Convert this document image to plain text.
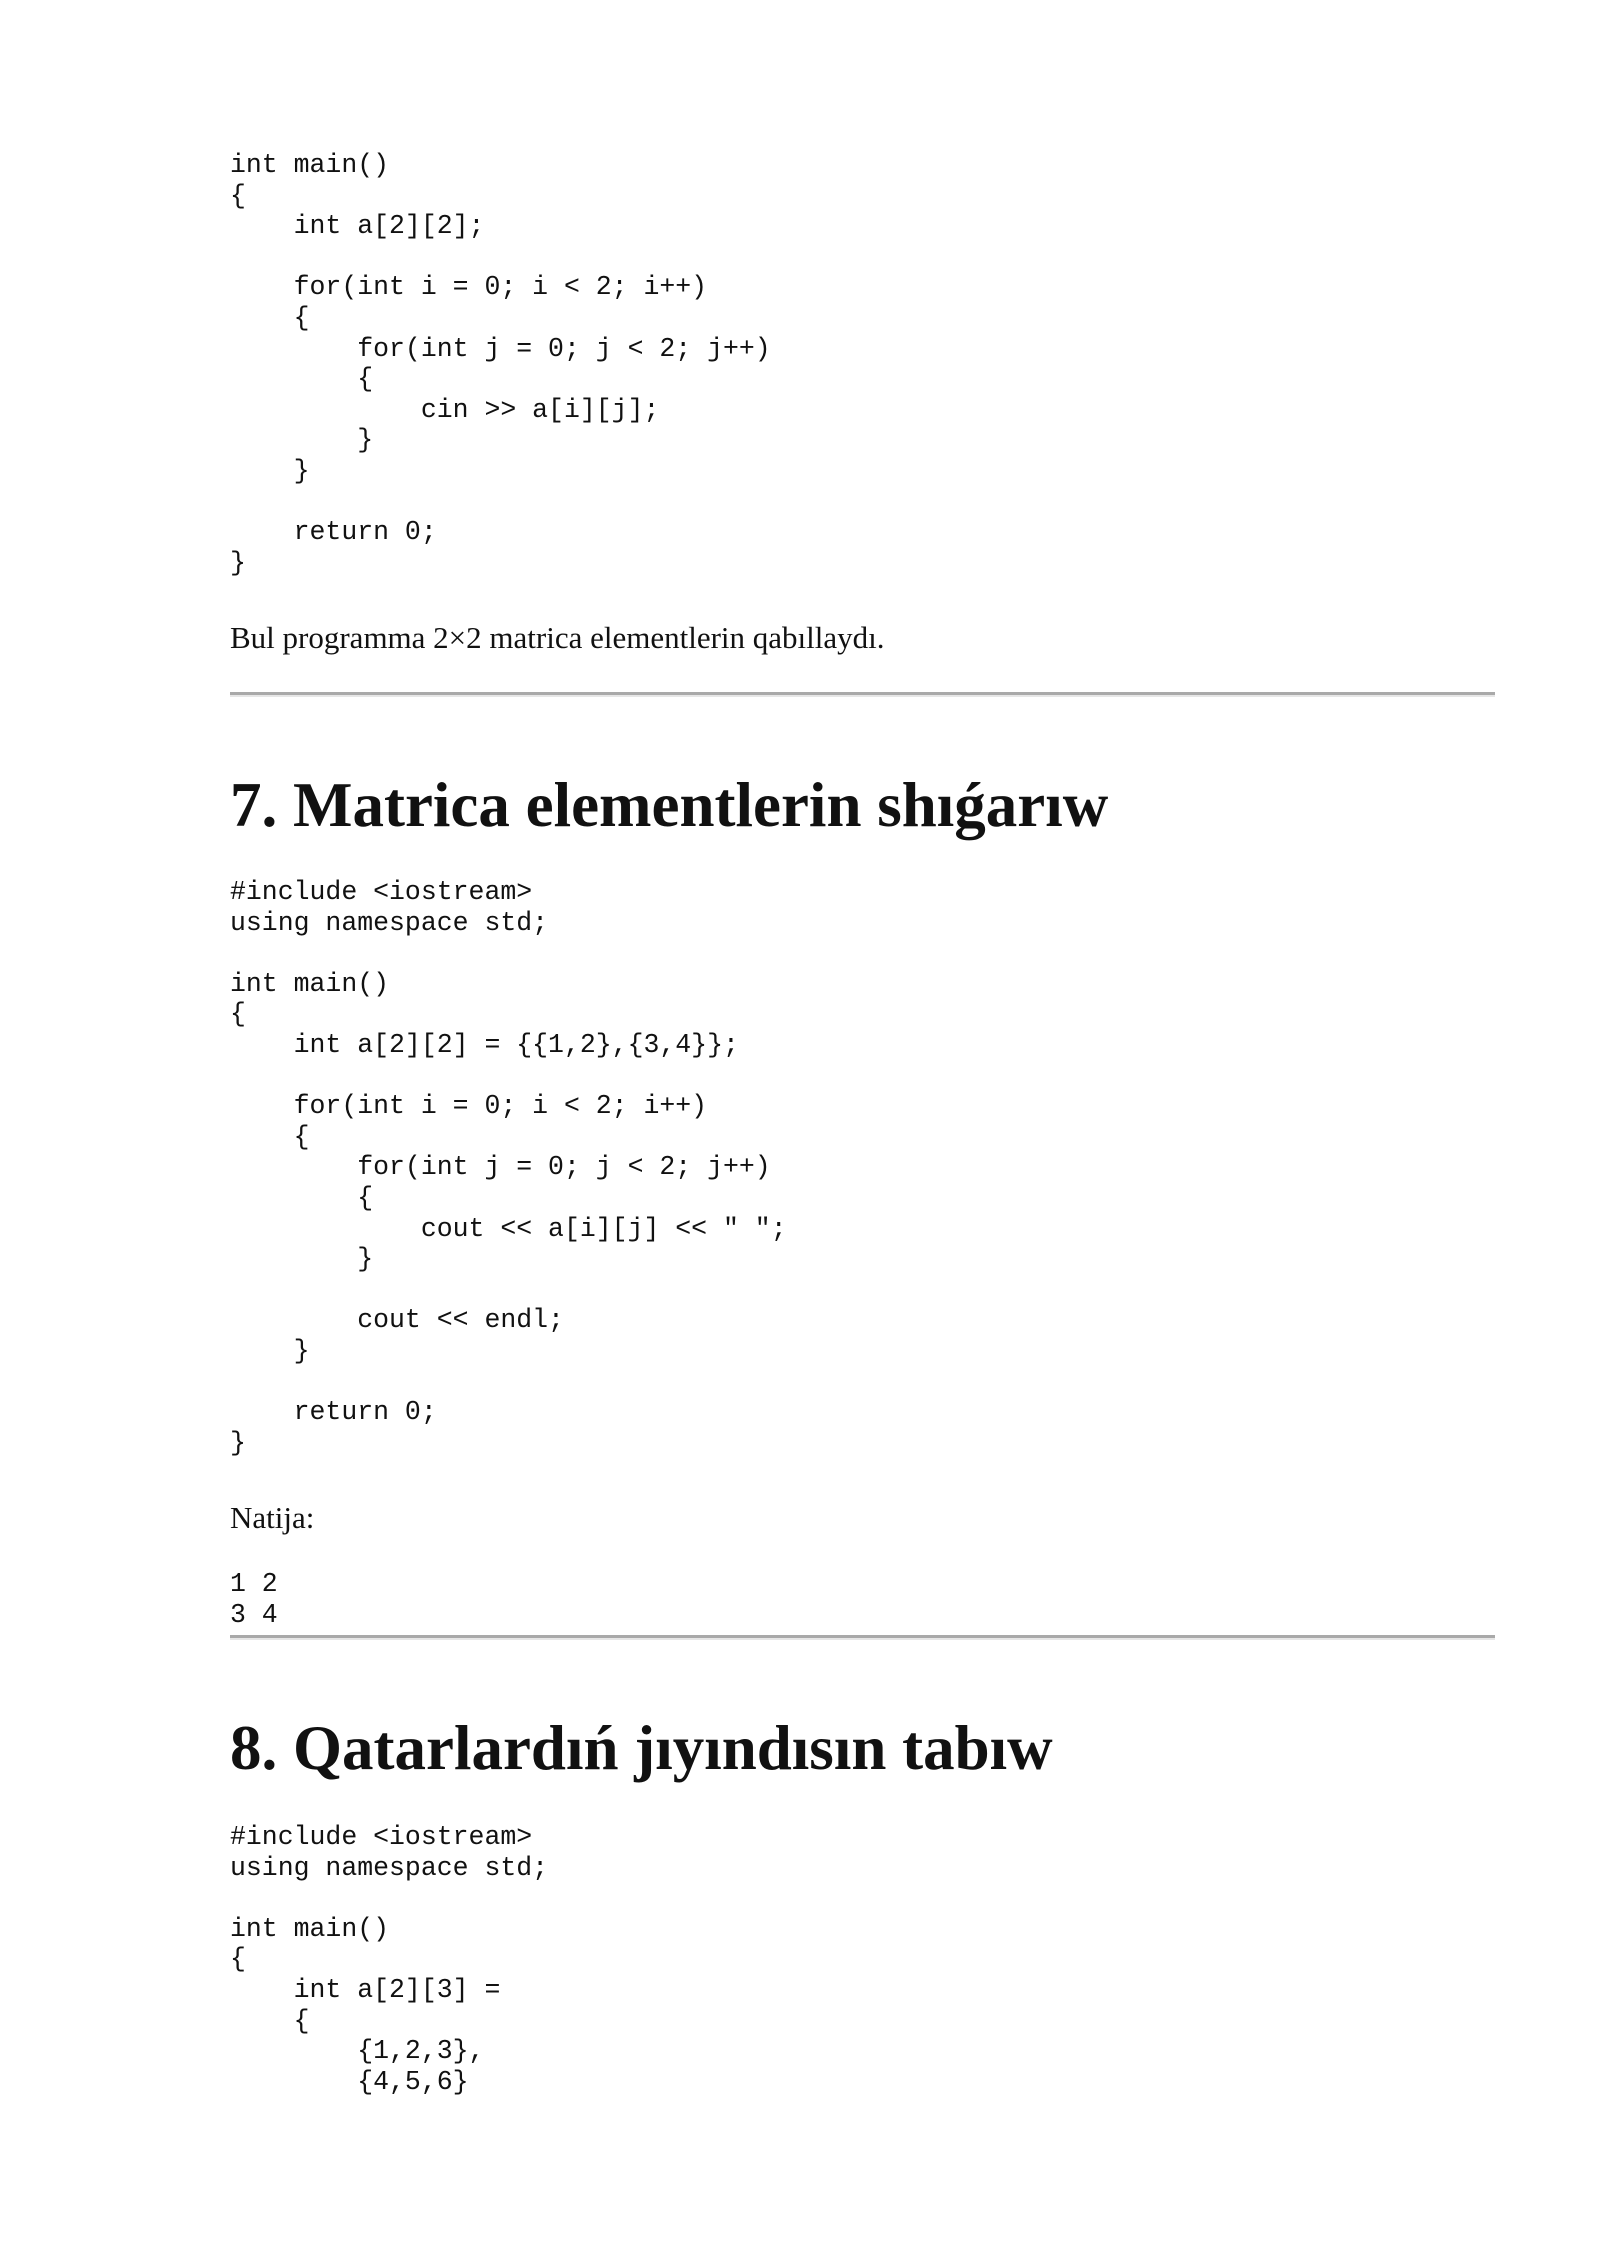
int main()
{
int a[2][2];

for(int i = 0; i < 2; i++)
{
for(int j = 0; j < 2; j++)
{
cin >> a[i][j];
}
}

return 0;
}

Bul programma 2×2 matrica elementlerin qabıllaydı.

7. Matrica elementlerin shıǵarıw
#include <iostream>
using namespace std;

int main()
{
int a[2][2] = {{1,2},{3,4}};

for(int i = 0; i < 2; i++)
{
for(int j = 0; j < 2; j++)
{
cout << a[i][j] << " ";
}

cout << endl;
}

return 0;
}

Natija:

1 2
3 4
8. Qatarlardıń jıyındısın tabıw
#include <iostream>
using namespace std;

int main()
{
int a[2][3] =
{
{1,2,3},
{4,5,6}
